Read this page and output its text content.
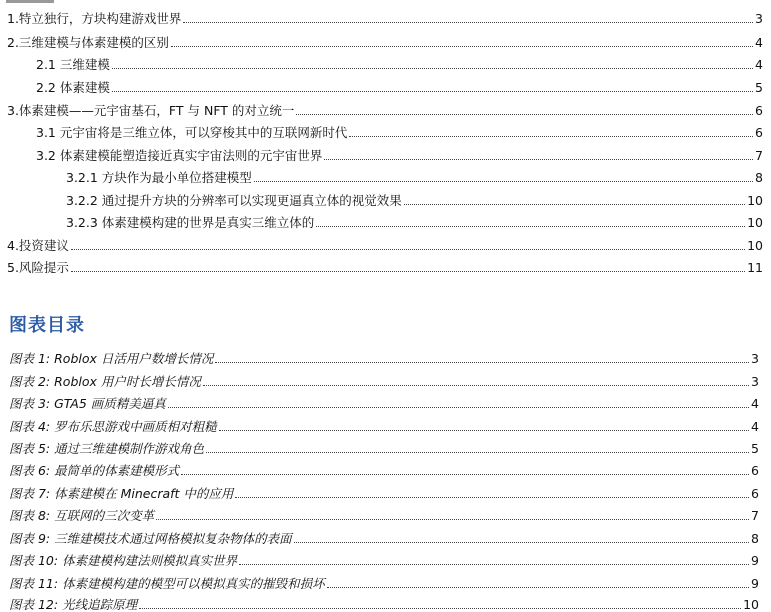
1.特立独行，方块构建游戏世界	3
2.三维建模与体素建模的区别	4
2.1 三维建模	4
2.2 体素建模	5
3.体素建模——元宇宙基石，FT 与 NFT 的对立统一	6
3.1 元宇宙将是三维立体，可以穿梭其中的互联网新时代	6
3.2 体素建模能塑造接近真实宇宙法则的元宇宙世界	7
3.2.1 方块作为最小单位搭建模型	8
3.2.2 通过提升方块的分辨率可以实现更逼真立体的视觉效果	10
3.2.3 体素建模构建的世界是真实三维立体的	10
4.投资建议	10
5.风险提示	11
图表目录
图表 1: Roblox 日活用户数增长情况	3
图表 2: Roblox 用户时长增长情况	3
图表 3: GTA5 画质精美逼真	4
图表 4: 罗布乐思游戏中画质相对粗糙	4
图表 5: 通过三维建模制作游戏角色	5
图表 6: 最简单的体素建模形式	6
图表 7: 体素建模在 Minecraft 中的应用	6
图表 8: 互联网的三次变革	7
图表 9: 三维建模技术通过网格模拟复杂物体的表面	8
图表 10: 体素建模构建法则模拟真实世界	9
图表 11: 体素建模构建的模型可以模拟真实的摧毁和损坏	9
图表 12: 光线追踪原理	10
